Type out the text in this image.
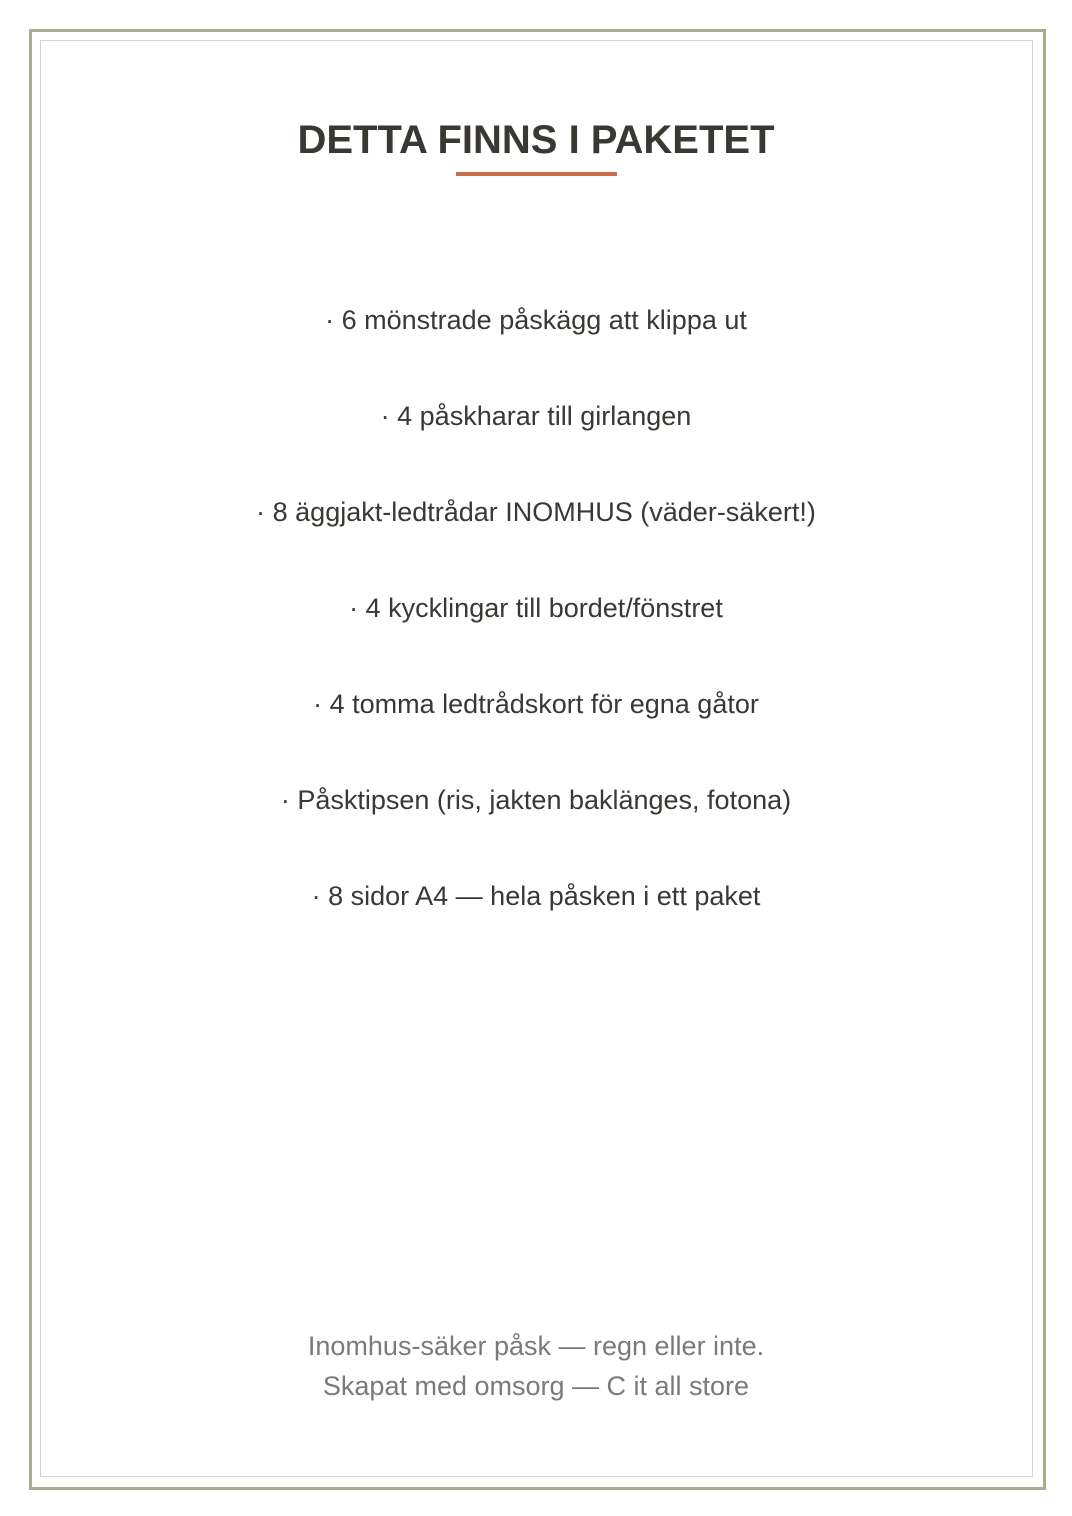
DETTA FINNS I PAKETET
· 6 mönstrade påskägg att klippa ut
· 4 påskharar till girlangen
· 8 äggjakt-ledtrådar INOMHUS (väder-säkert!)
· 4 kycklingar till bordet/fönstret
· 4 tomma ledtrådskort för egna gåtor
· Påsktipsen (ris, jakten baklänges, fotona)
· 8 sidor A4 — hela påsken i ett paket
Inomhus-säker påsk — regn eller inte.
Skapat med omsorg — C it all store
